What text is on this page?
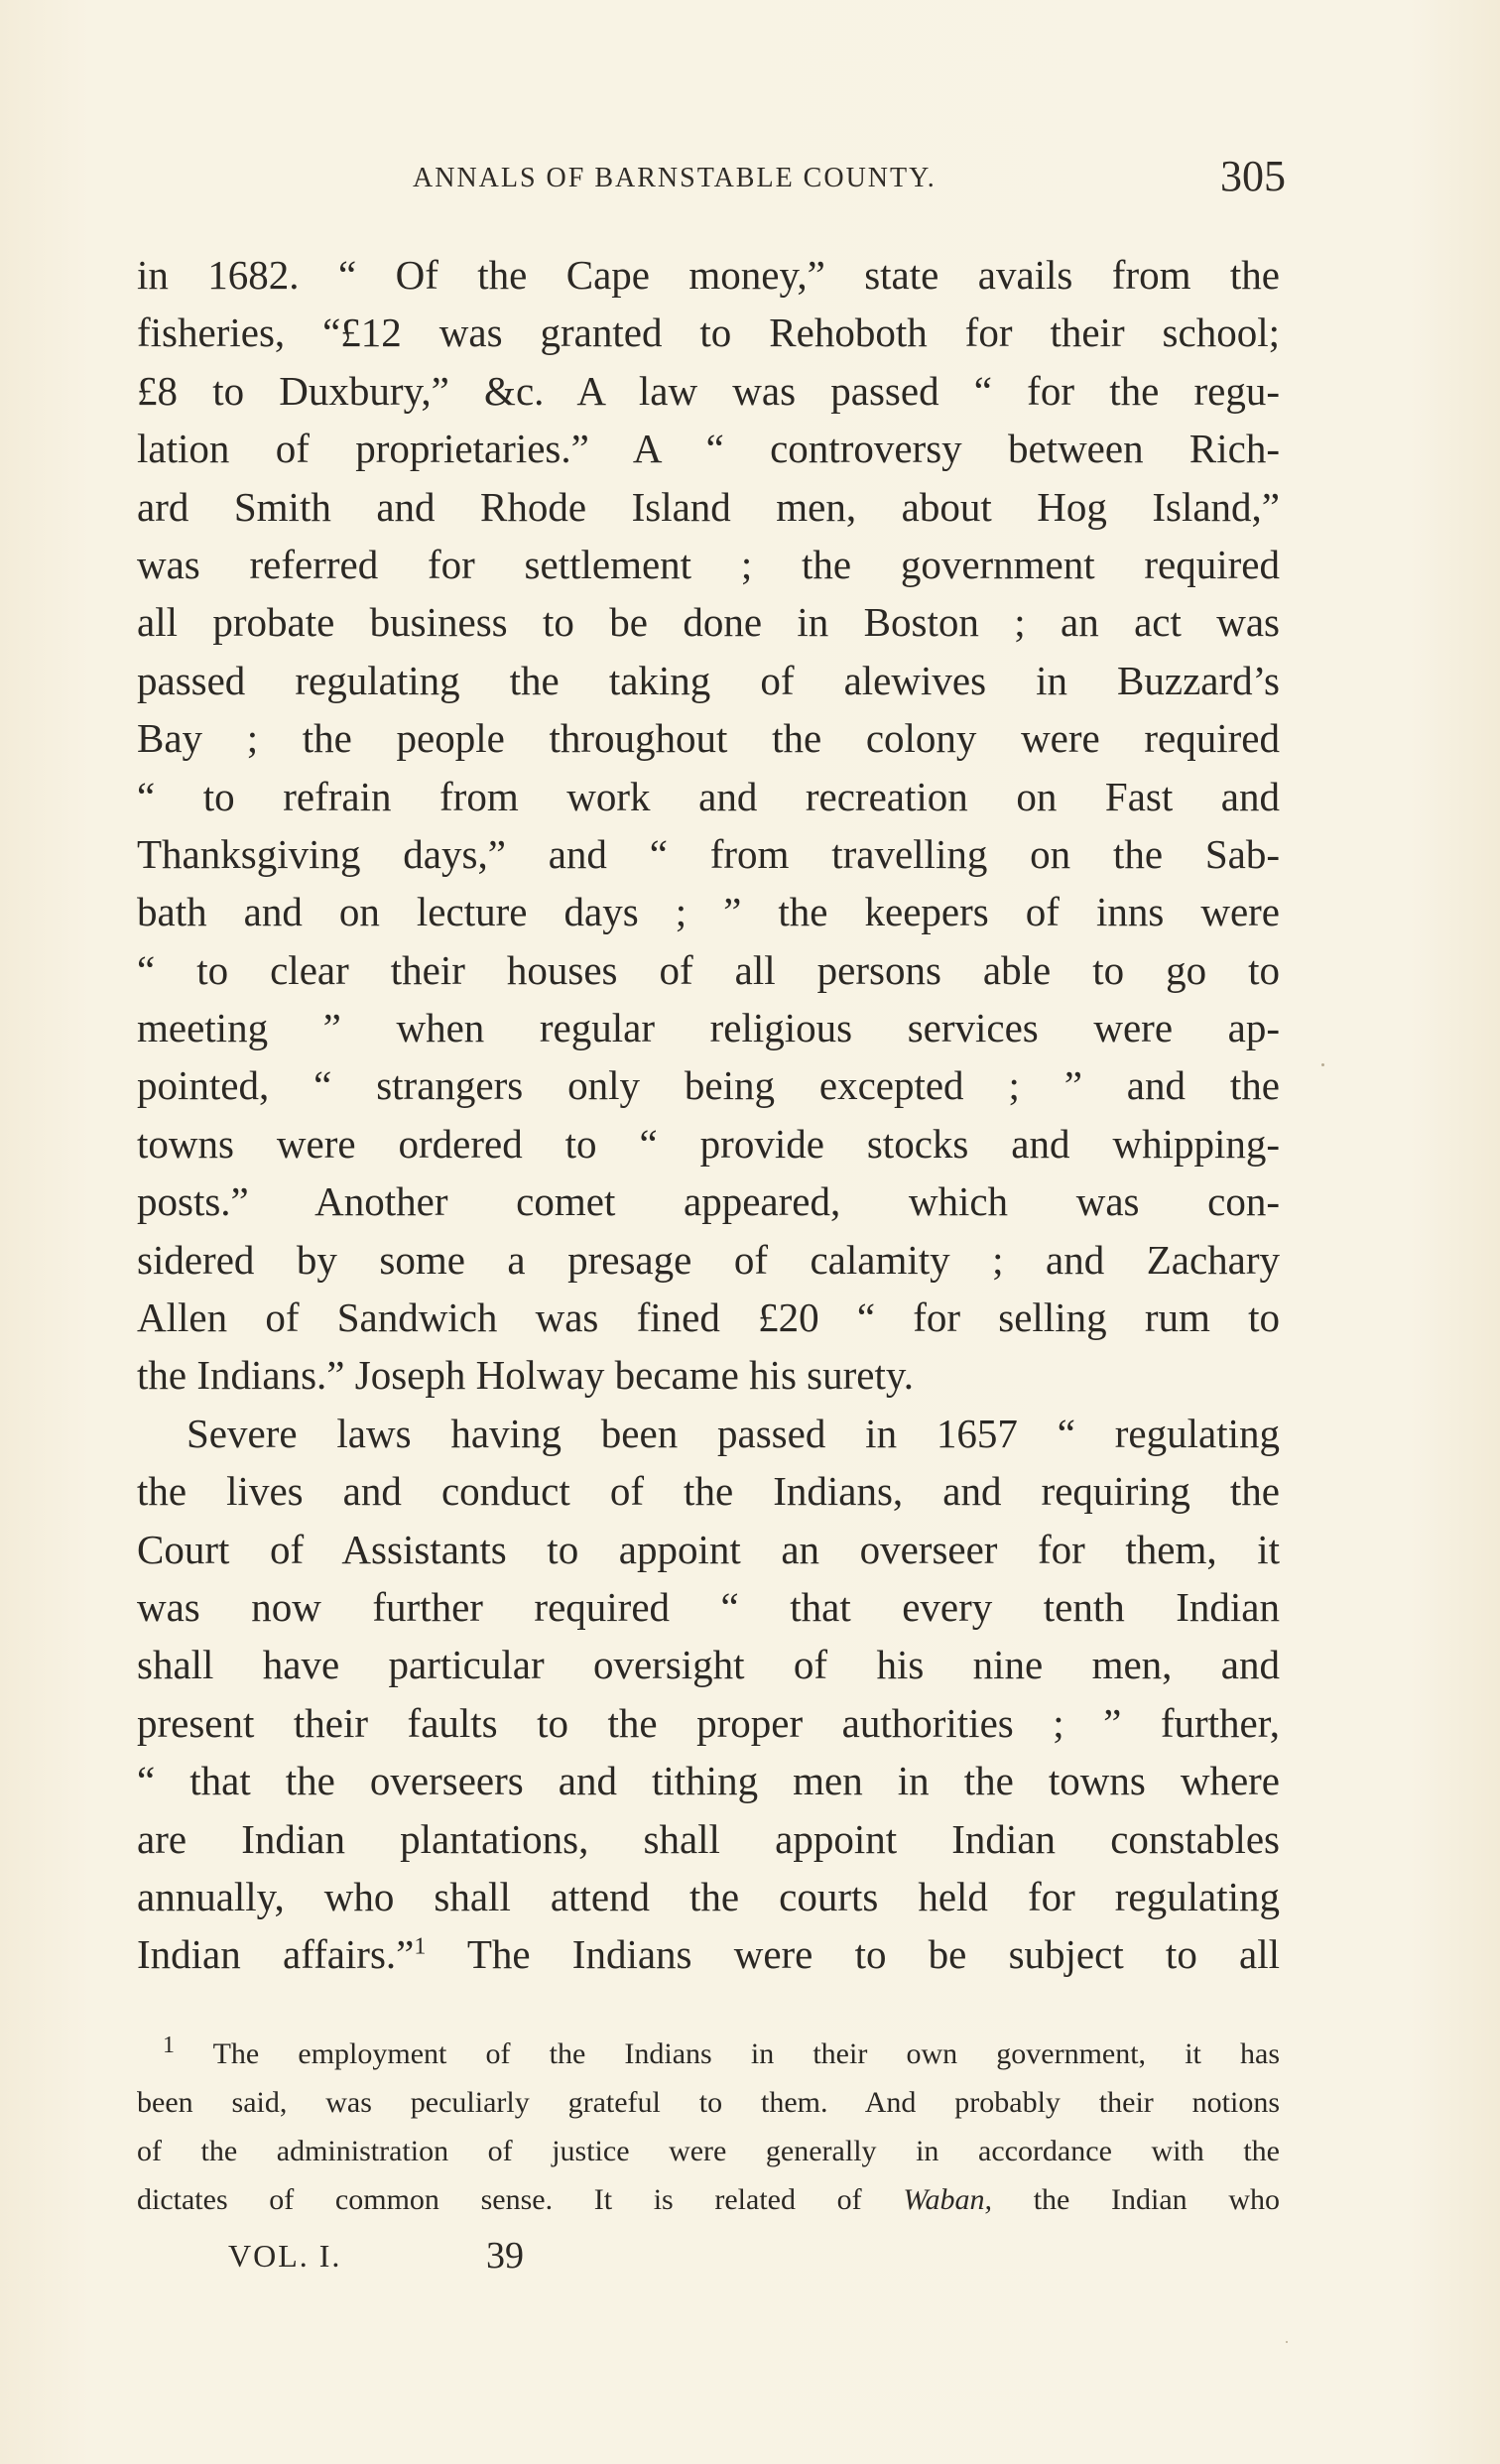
ANNALS OF BARNSTABLE COUNTY.	305
in 1682. “ Of the Cape money,” state avails from the
fisheries, “£12 was granted to Rehoboth for their school;
£8 to Duxbury,” &c. A law was passed “ for the regu-
lation of proprietaries.” A “ controversy between Rich-
ard Smith and Rhode Island men, about Hog Island,”
was referred for settlement ; the government required
all probate business to be done in Boston ; an act was
passed regulating the taking of alewives in Buzzard’s
Bay ; the people throughout the colony were required
“ to refrain from work and recreation on Fast and
Thanksgiving days,” and “ from travelling on the Sab-
bath and on lecture days ; ” the keepers of inns were
“ to clear their houses of all persons able to go to
meeting ” when regular religious services were ap-
pointed, “ strangers only being excepted ; ” and the
towns were ordered to “ provide stocks and whipping-
posts.” Another comet appeared, which was con-
sidered by some a presage of calamity ; and Zachary
Allen of Sandwich was fined £20 “ for selling rum to
the Indians.” Joseph Holway became his surety.
Severe laws having been passed in 1657 “ regulating
the lives and conduct of the Indians, and requiring the
Court of Assistants to appoint an overseer for them, it
was now further required “ that every tenth Indian
shall have particular oversight of his nine men, and
present their faults to the proper authorities ; ” further,
“ that the overseers and tithing men in the towns where
are Indian plantations, shall appoint Indian constables
annually, who shall attend the courts held for regulating
Indian affairs.”$^1$ The Indians were to be subject to all
$^1$ The employment of the Indians in their own government, it has
been said, was peculiarly grateful to them. And probably their notions
of the administration of justice were generally in accordance with the
dictates of common sense. It is related of Waban, the Indian who
VOL. I.	39
